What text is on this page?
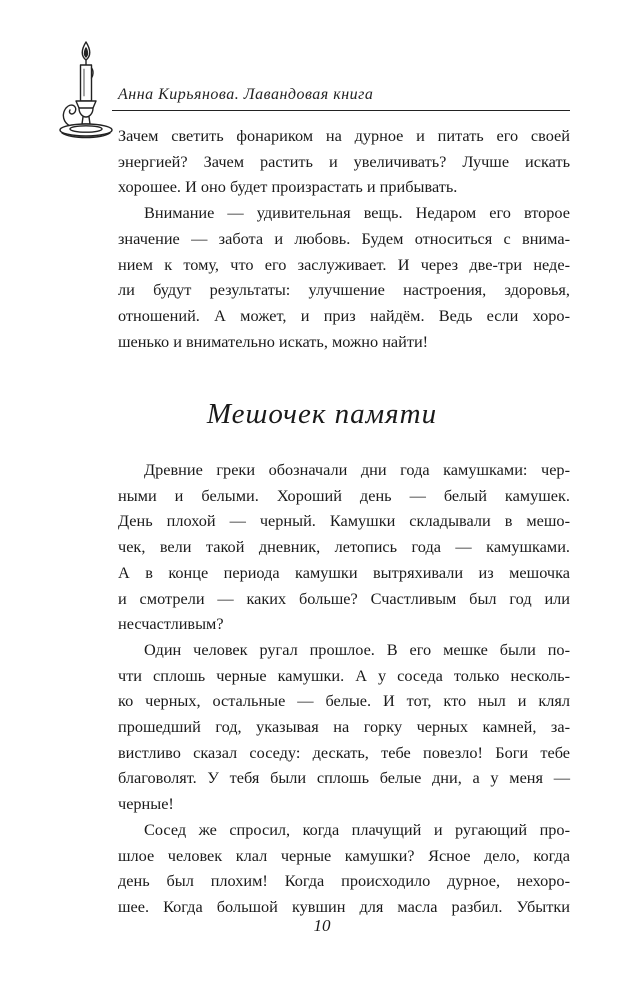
Анна Кирьянова. Лавандовая книга
Зачем светить фонариком на дурное и питать его своей
энергией? Зачем растить и увеличивать? Лучше искать
хорошее. И оно будет произрастать и прибывать.
Внимание — удивительная вещь. Недаром его второе
значение — забота и любовь. Будем относиться с внима-
нием к тому, что его заслуживает. И через две-три неде-
ли будут результаты: улучшение настроения, здоровья,
отношений. А может, и приз найдём. Ведь если хоро-
шенько и внимательно искать, можно найти!
Мешочек памяти
Древние греки обозначали дни года камушками: чер-
ными и белыми. Хороший день — белый камушек.
День плохой — черный. Камушки складывали в мешо-
чек, вели такой дневник, летопись года — камушками.
А в конце периода камушки вытряхивали из мешочка
и смотрели — каких больше? Счастливым был год или
несчастливым?
Один человек ругал прошлое. В его мешке были по-
чти сплошь черные камушки. А у соседа только несколь-
ко черных, остальные — белые. И тот, кто ныл и клял
прошедший год, указывая на горку черных камней, за-
вистливо сказал соседу: дескать, тебе повезло! Боги тебе
благоволят. У тебя были сплошь белые дни, а у меня —
черные!
Сосед же спросил, когда плачущий и ругающий про-
шлое человек клал черные камушки? Ясное дело, когда
день был плохим! Когда происходило дурное, нехоро-
шее. Когда большой кувшин для масла разбил. Убытки
10
